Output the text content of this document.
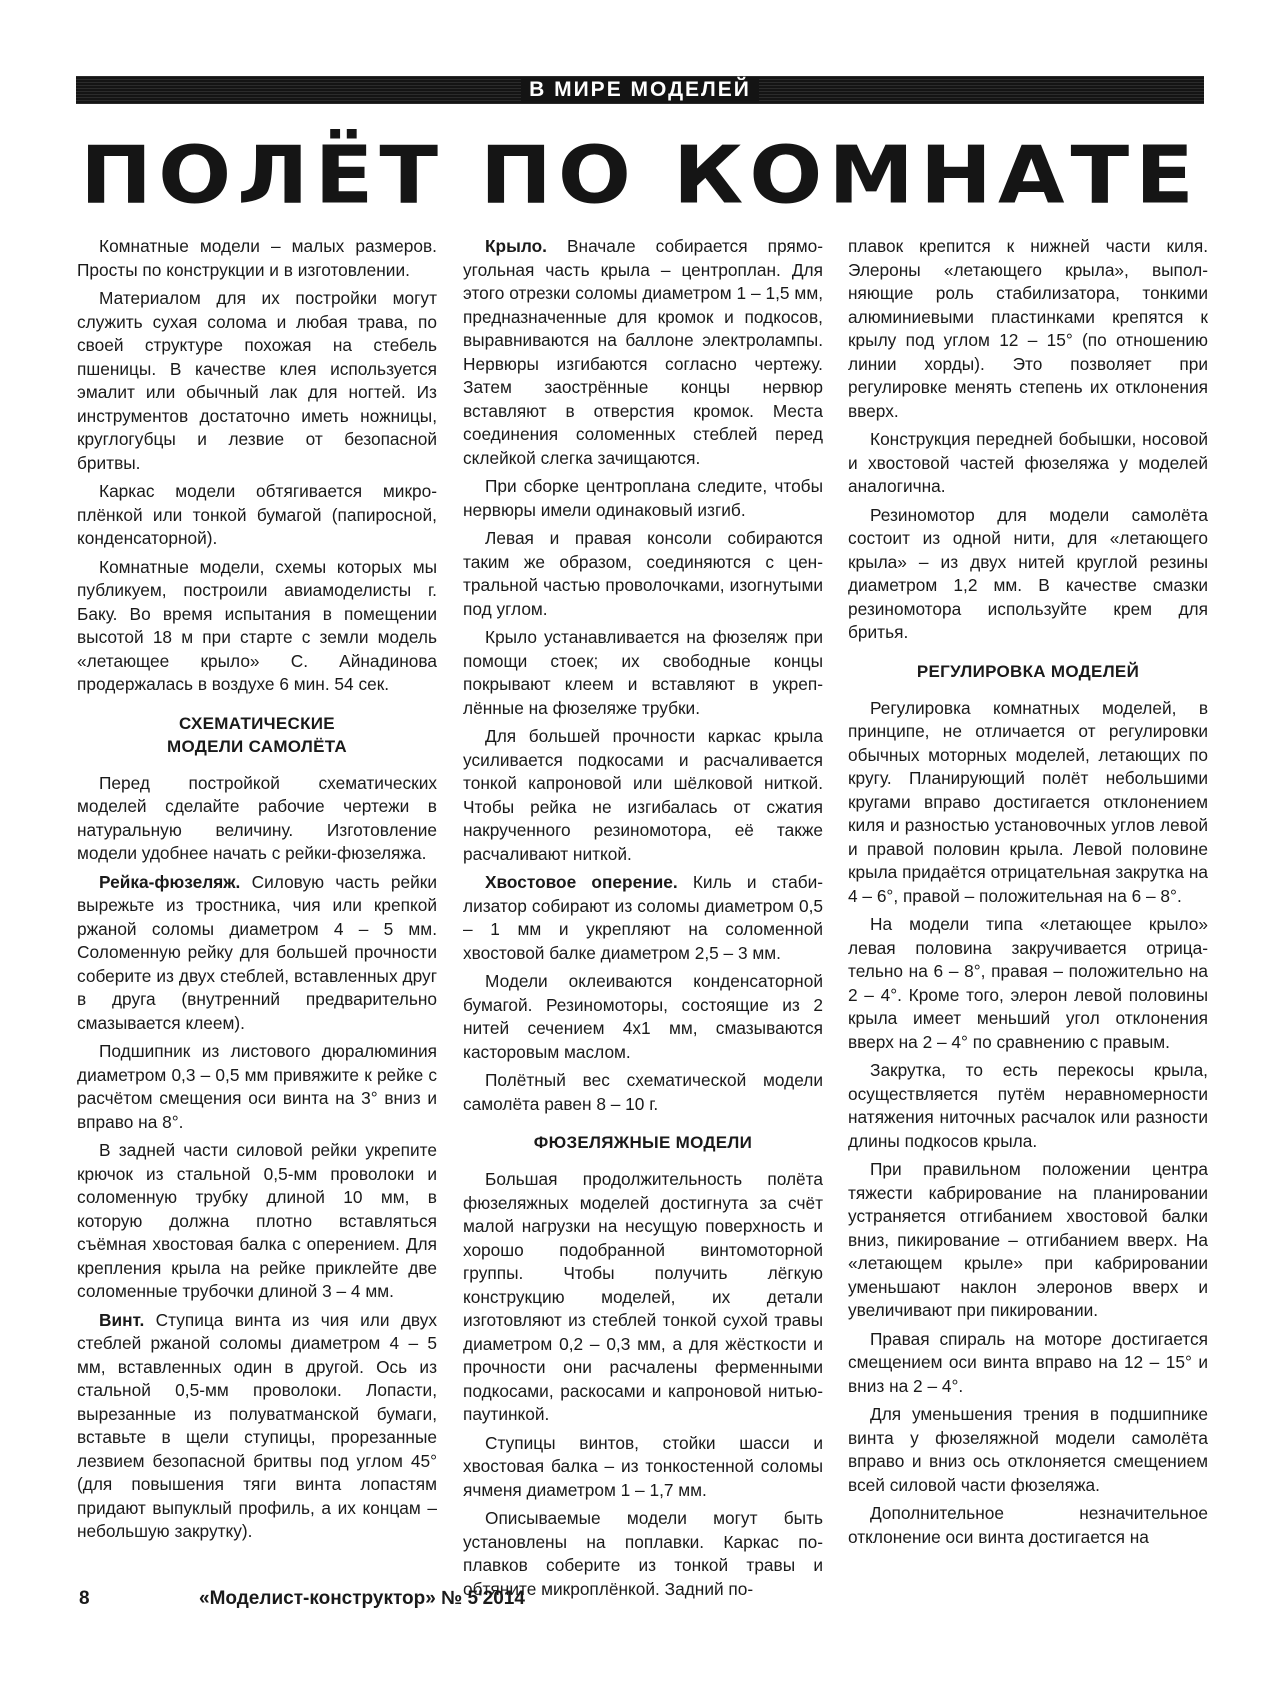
В МИРЕ МОДЕЛЕЙ
ПОЛЁТ ПО КОМНАТЕ

Комнатные модели – малых размеров. Просты по конструкции и в изготовлении.

Материалом для их постройки могут служить сухая солома и любая трава, по своей структуре похожая на стебель пшеницы. В качестве клея используется эмалит или обычный лак для ногтей. Из инструментов достаточно иметь ножницы, круглогубцы и лезвие от безопасной бритвы.

Каркас модели обтягивается микроплёнкой или тонкой бумагой (папиросной, конденсаторной).

Комнатные модели, схемы которых мы публикуем, построили авиамоделисты г. Баку. Во время испытания в помещении высотой 18 м при старте с земли модель «летающее крыло» С. Айнадинова продержалась в воздухе 6 мин. 54 сек.

СХЕМАТИЧЕСКИЕ
МОДЕЛИ САМОЛЁТА

Перед постройкой схематических моделей сделайте рабочие чертежи в натуральную величину. Изготовление модели удобнее начать с рейки-фюзеляжа.

Рейка-фюзеляж. Силовую часть рейки вырежьте из тростника, чия или крепкой ржаной соломы диаметром 4 – 5 мм. Соломенную рейку для большей прочности соберите из двух стеблей, вставленных друг в друга (внутренний предварительно смазывается клеем).

Подшипник из листового дюралюминия диаметром 0,3 – 0,5 мм привяжите к рейке с расчётом смещения оси винта на 3° вниз и вправо на 8°.

В задней части силовой рейки укрепите крючок из стальной 0,5-мм проволоки и соломенную трубку длиной 10 мм, в которую должна плотно вставляться съёмная хвостовая балка с оперением. Для крепления крыла на рейке приклейте две соломенные трубочки длиной 3 – 4 мм.

Винт. Ступица винта из чия или двух стеблей ржаной соломы диаметром 4 – 5 мм, вставленных один в другой. Ось из стальной 0,5-мм проволоки. Лопасти, вырезанные из полуватманской бумаги, вставьте в щели ступицы, прорезанные лезвием безопасной бритвы под углом 45° (для повышения тяги винта лопастям придают выпуклый профиль, а их концам – небольшую закрутку).

Крыло. Вначале собирается прямоугольная часть крыла – центроплан. Для этого отрезки соломы диаметром 1 – 1,5 мм, предназначенные для кромок и подкосов, выравниваются на баллоне электролампы. Нервюры изгибаются согласно чертежу. Затем заострённые концы нервюр вставляют в отверстия кромок. Места соединения соломенных стеблей перед склейкой слегка зачищаются.

При сборке центроплана следите, чтобы нервюры имели одинаковый изгиб.

Левая и правая консоли собираются таким же образом, соединяются с центральной частью проволочками, изогнутыми под углом.

Крыло устанавливается на фюзеляж при помощи стоек; их свободные концы покрывают клеем и вставляют в укреплённые на фюзеляже трубки.

Для большей прочности каркас крыла усиливается подкосами и расчаливается тонкой капроновой или шёлковой ниткой. Чтобы рейка не изгибалась от сжатия накрученного резиномотора, её также расчаливают ниткой.

Хвостовое оперение. Киль и стабилизатор собирают из соломы диаметром 0,5 – 1 мм и укрепляют на соломенной хвостовой балке диаметром 2,5 – 3 мм.

Модели оклеиваются конденсаторной бумагой. Резиномоторы, состоящие из 2 нитей сечением 4х1 мм, смазываются касторовым маслом.

Полётный вес схематической модели самолёта равен 8 – 10 г.

ФЮЗЕЛЯЖНЫЕ МОДЕЛИ

Большая продолжительность полёта фюзеляжных моделей достигнута за счёт малой нагрузки на несущую поверхность и хорошо подобранной винтомоторной группы. Чтобы получить лёгкую конструкцию моделей, их детали изготовляют из стеблей тонкой сухой травы диаметром 0,2 – 0,3 мм, а для жёсткости и прочности они расчалены ферменными подкосами, раскосами и капроновой нитью-паутинкой.

Ступицы винтов, стойки шасси и хвостовая балка – из тонкостенной соломы ячменя диаметром 1 – 1,7 мм.

Описываемые модели могут быть установлены на поплавки. Каркас поплавков соберите из тонкой травы и обтяните микроплёнкой. Задний по-

плавок крепится к нижней части киля. Элероны «летающего крыла», выполняющие роль стабилизатора, тонкими алюминиевыми пластинками крепятся к крылу под углом 12 – 15° (по отношению линии хорды). Это позволяет при регулировке менять степень их отклонения вверх.

Конструкция передней бобышки, носовой и хвостовой частей фюзеляжа у моделей аналогична.

Резиномотор для модели самолёта состоит из одной нити, для «летающего крыла» – из двух нитей круглой резины диаметром 1,2 мм. В качестве смазки резиномотора используйте крем для бритья.

РЕГУЛИРОВКА МОДЕЛЕЙ

Регулировка комнатных моделей, в принципе, не отличается от регулировки обычных моторных моделей, летающих по кругу. Планирующий полёт небольшими кругами вправо достигается отклонением киля и разностью установочных углов левой и правой половин крыла. Левой половине крыла придаётся отрицательная закрутка на 4 – 6°, правой – положительная на 6 – 8°.

На модели типа «летающее крыло» левая половина закручивается отрицательно на 6 – 8°, правая – положительно на 2 – 4°. Кроме того, элерон левой половины крыла имеет меньший угол отклонения вверх на 2 – 4° по сравнению с правым.

Закрутка, то есть перекосы крыла, осуществляется путём неравномерности натяжения ниточных расчалок или разности длины подкосов крыла.

При правильном положении центра тяжести кабрирование на планировании устраняется отгибанием хвостовой балки вниз, пикирование – отгибанием вверх. На «летающем крыле» при кабрировании уменьшают наклон элеронов вверх и увеличивают при пикировании.

Правая спираль на моторе достигается смещением оси винта вправо на 12 – 15° и вниз на 2 – 4°.

Для уменьшения трения в подшипнике винта у фюзеляжной модели самолёта вправо и вниз ось отклоняется смещением всей силовой части фюзеляжа.

Дополнительное незначительное отклонение оси винта достигается на

8	«Моделист-конструктор» № 5'2014
